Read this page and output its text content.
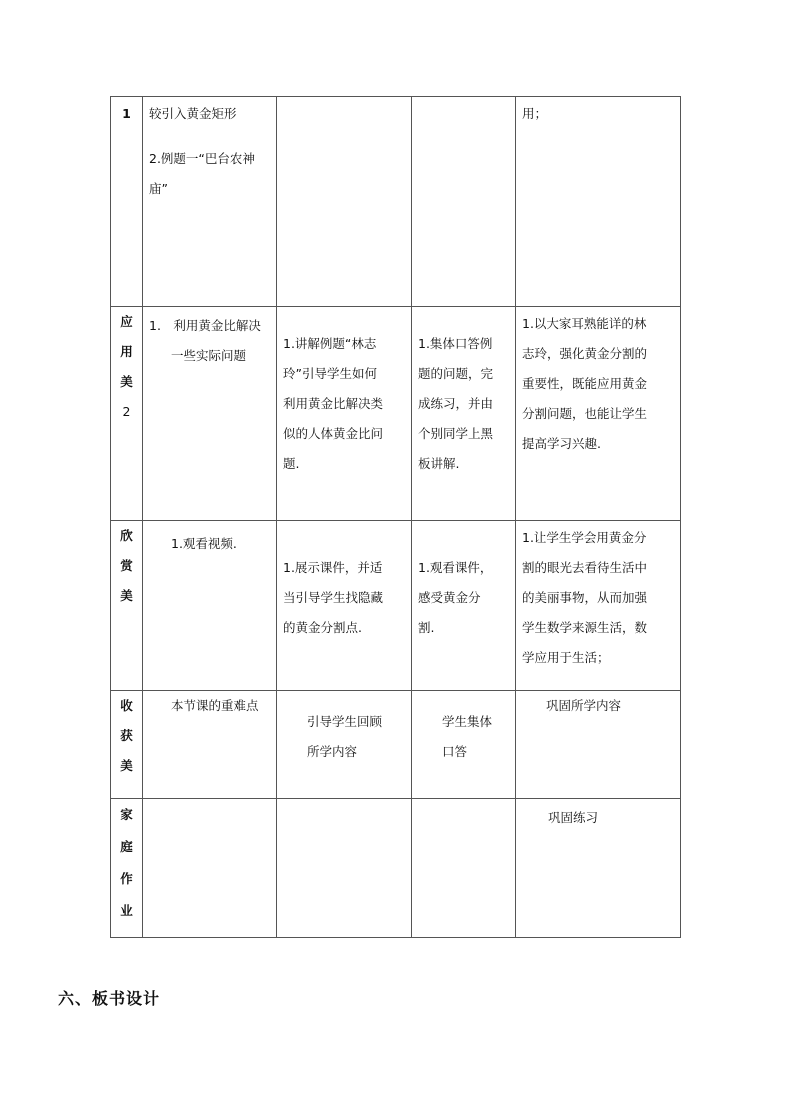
1	较引入黄金矩形
2.例题一“巴台农神
庙”			用；

应
用
美
2	1.　利用黄金比解决
一些实际问题	1.讲解例题“林志
玲”引导学生如何
利用黄金比解决类
似的人体黄金比问
题.	1.集体口答例
题的问题，完
成练习，并由
个别同学上黑
板讲解.	1.以大家耳熟能详的林
志玲，强化黄金分割的
重要性，既能应用黄金
分割问题，也能让学生
提高学习兴趣.

欣
赏
美	1.观看视频.	1.展示课件，并适
当引导学生找隐藏
的黄金分割点.	1.观看课件，
感受黄金分
割.	1.让学生学会用黄金分
割的眼光去看待生活中
的美丽事物，从而加强
学生数学来源生活，数
学应用于生活；

收
获
美	本节课的重难点	引导学生回顾
所学内容	学生集体
口答	巩固所学内容

家
庭
作
业				巩固练习
六、板书设计
